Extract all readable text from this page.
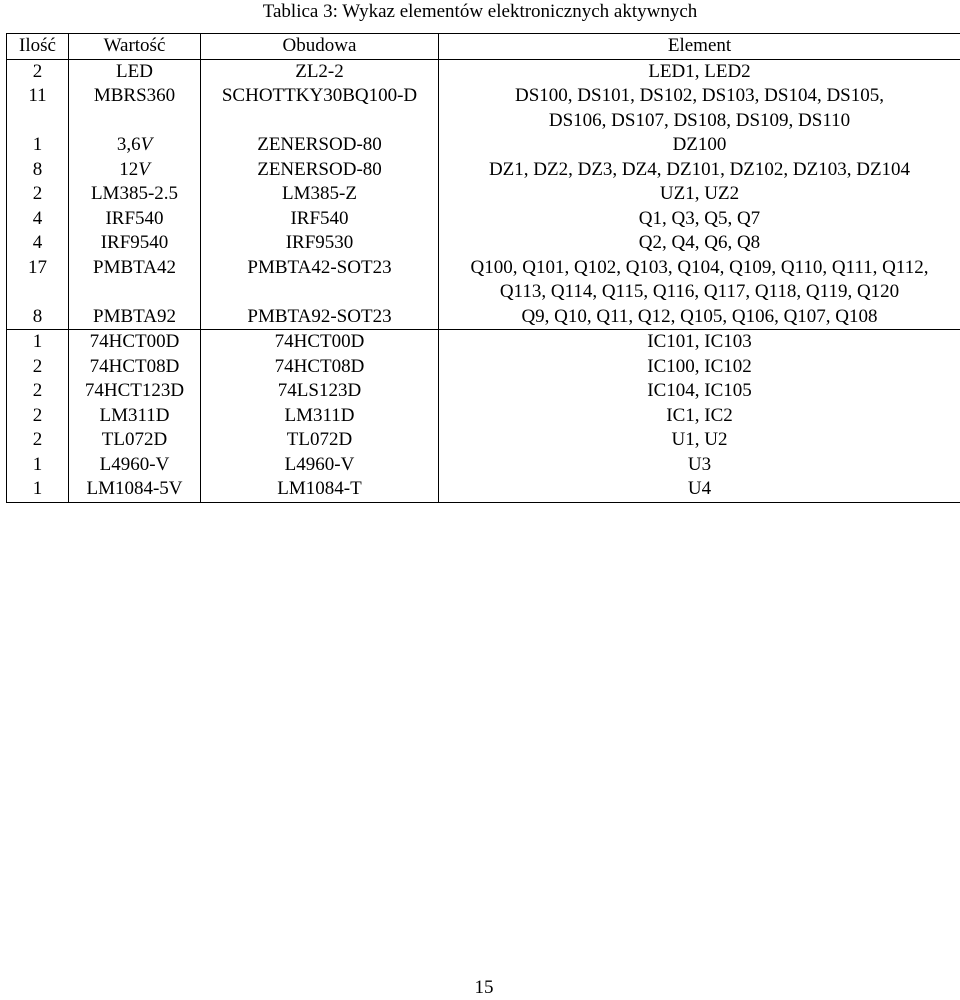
Tablica 3: Wykaz elementów elektronicznych aktywnych
Ilość	Wartość	Obudowa	Element
2	LED	ZL2-2	LED1, LED2

11	MBRS360	SCHOTTKY30BQ100-D	DS100, DS101, DS102, DS103, DS104, DS105,
DS106, DS107, DS108, DS109, DS110

1	3,6V	ZENERSOD-80	DZ100

8	12V	ZENERSOD-80	DZ1, DZ2, DZ3, DZ4, DZ101, DZ102, DZ103, DZ104

2	LM385-2.5	LM385-Z	UZ1, UZ2

4	IRF540	IRF540	Q1, Q3, Q5, Q7

4	IRF9540	IRF9530	Q2, Q4, Q6, Q8

17	PMBTA42	PMBTA42-SOT23	Q100, Q101, Q102, Q103, Q104, Q109, Q110, Q111, Q112,
Q113, Q114, Q115, Q116, Q117, Q118, Q119, Q120

8	PMBTA92	PMBTA92-SOT23	Q9, Q10, Q11, Q12, Q105, Q106, Q107, Q108

1	74HCT00D	74HCT00D	IC101, IC103

2	74HCT08D	74HCT08D	IC100, IC102

2	74HCT123D	74LS123D	IC104, IC105

2	LM311D	LM311D	IC1, IC2

2	TL072D	TL072D	U1, U2

1	L4960-V	L4960-V	U3

1	LM1084-5V	LM1084-T	U4
15
